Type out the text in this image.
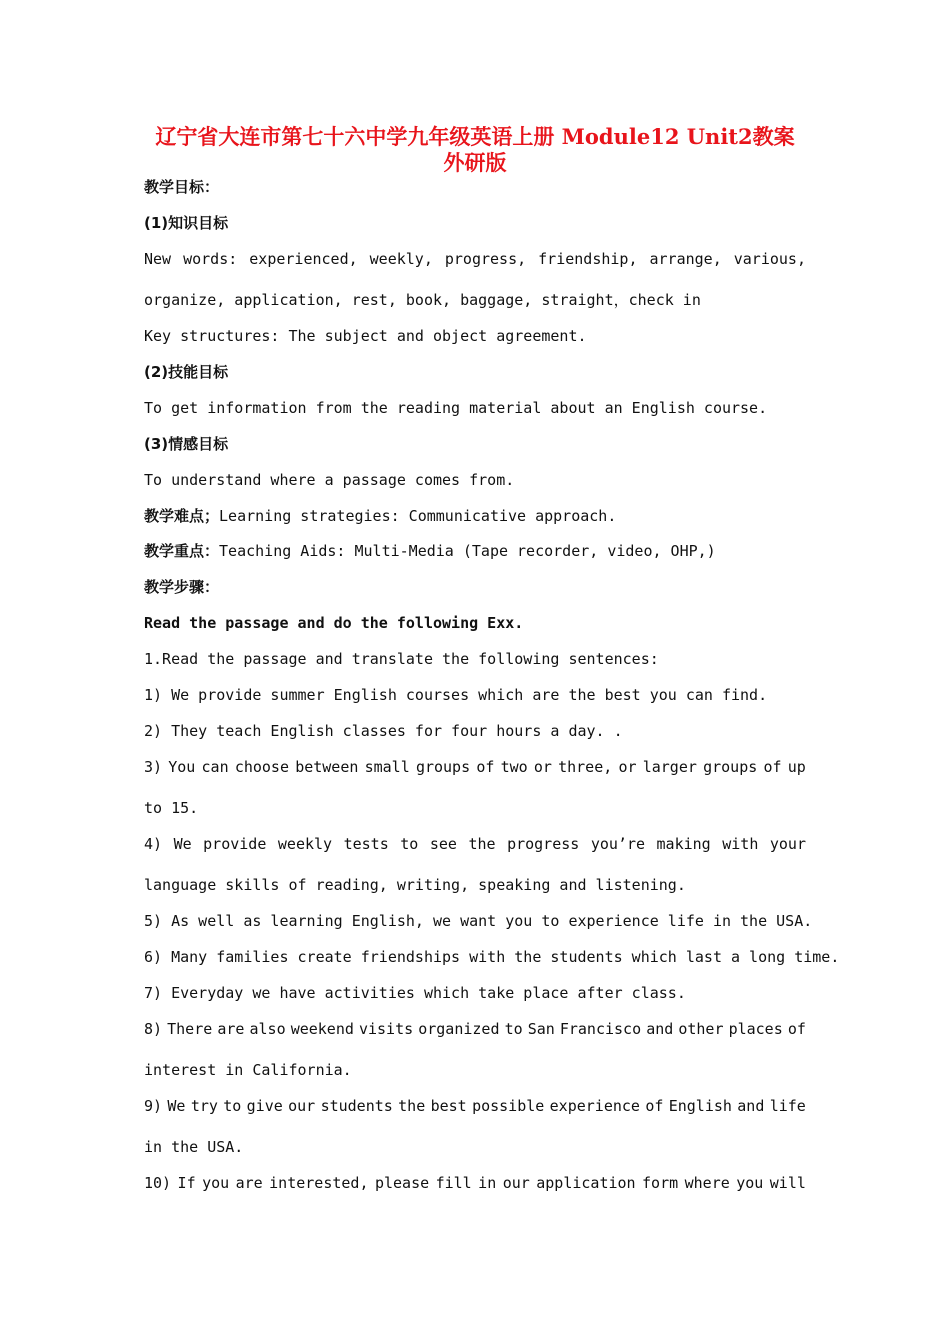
辽宁省大连市第七十六中学九年级英语上册 Module12 Unit2教案

外研版

教学目标：

(1)知识目标

New words: experienced, weekly, progress, friendship, arrange, various,

organize, application, rest, book, baggage, straight，check in

Key structures: The subject and object agreement.

(2)技能目标

To get information from the reading material about an English course.

(3)情感目标

To understand where a passage comes from.

教学难点；Learning strategies: Communicative approach.

教学重点：Teaching Aids: Multi-Media (Tape recorder, video, OHP,)

教学步骤：

Read the passage and do the following Exx.

1.Read the passage and translate the following sentences:

1) We provide summer English courses which are the best you can find.

2) They teach English classes for four hours a day. .

3) You can choose between small groups of two or three, or larger groups of up

to 15.

4) We provide weekly tests to see the progress you’re making with your

language skills of reading, writing, speaking and listening.

5) As well as learning English, we want you to experience life in the USA.

6) Many families create friendships with the students which last a long time.

7) Everyday we have activities which take place after class.

8) There are also weekend visits organized to San Francisco and other places of

interest in California.

9) We try to give our students the best possible experience of English and life

in the USA.

10) If you are interested, please fill in our application form where you will
